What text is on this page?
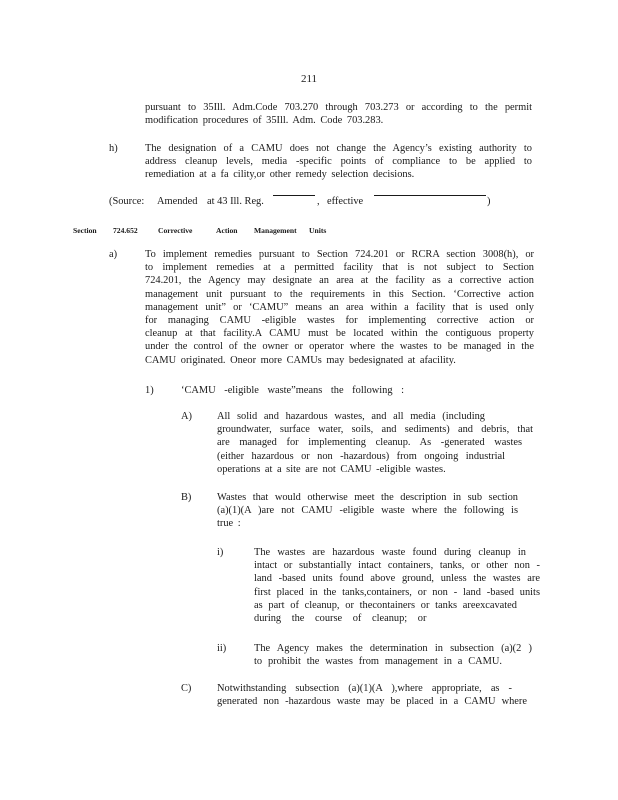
211
pursuant to 35Ill. Adm.Code 703.270 through 703.273 or according to the permit
modification procedures of 35Ill. Adm. Code 703.283.
h)	The designation of a CAMU does not change the Agency’s existing authority to
address cleanup levels, media -specific points of compliance to be applied to
remediation at a fa cility,or other remedy selection decisions.
(Source: Amended at 43 Ill. Reg.	, effective	)
Section 724.652	Corrective	Action Management Units
a)	To implement remedies pursuant to Section 724.201 or RCRA section 3008(h), or
to implement remedies at a permitted facility that is not subject to Section
724.201, the Agency may designate an area at the facility as a corrective action
management unit pursuant to the requirements in this Section. ‘Corrective action
management unit” or ‘CAMU” means an area within a facility that is used only
for managing CAMU -eligible wastes for implementing corrective action or
cleanup at that facility.A CAMU must be located within the contiguous property
under the control of the owner or operator where the wastes to be managed in the
CAMU originated. Oneor more CAMUs may bedesignated at afacility.
1)	‘CAMU -eligible waste”means the following :
A) All solid and hazardous wastes, and all media (including
groundwater, surface water, soils, and sediments) and debris, that
are managed for implementing cleanup. As -generated wastes
(either hazardous or non -hazardous) from ongoing industrial
operations at a site are not CAMU -eligible wastes.
B) Wastes that would otherwise meet the description in sub section
(a)(1)(A )are not CAMU -eligible waste where the following is
true :
i)	The wastes are hazardous waste found during cleanup in
intact or substantially intact containers, tanks, or other non -
land -based units found above ground, unless the wastes are
first placed in the tanks,containers, or non - land -based units
as part of cleanup, or thecontainers or tanks areexcavated
during the course of cleanup; or
ii)	The Agency makes the determination in subsection (a)(2 )
to prohibit the wastes from management in a CAMU.
C) Notwithstanding subsection (a)(1)(A ),where appropriate, as -
generated non -hazardous waste may be placed in a CAMU where
